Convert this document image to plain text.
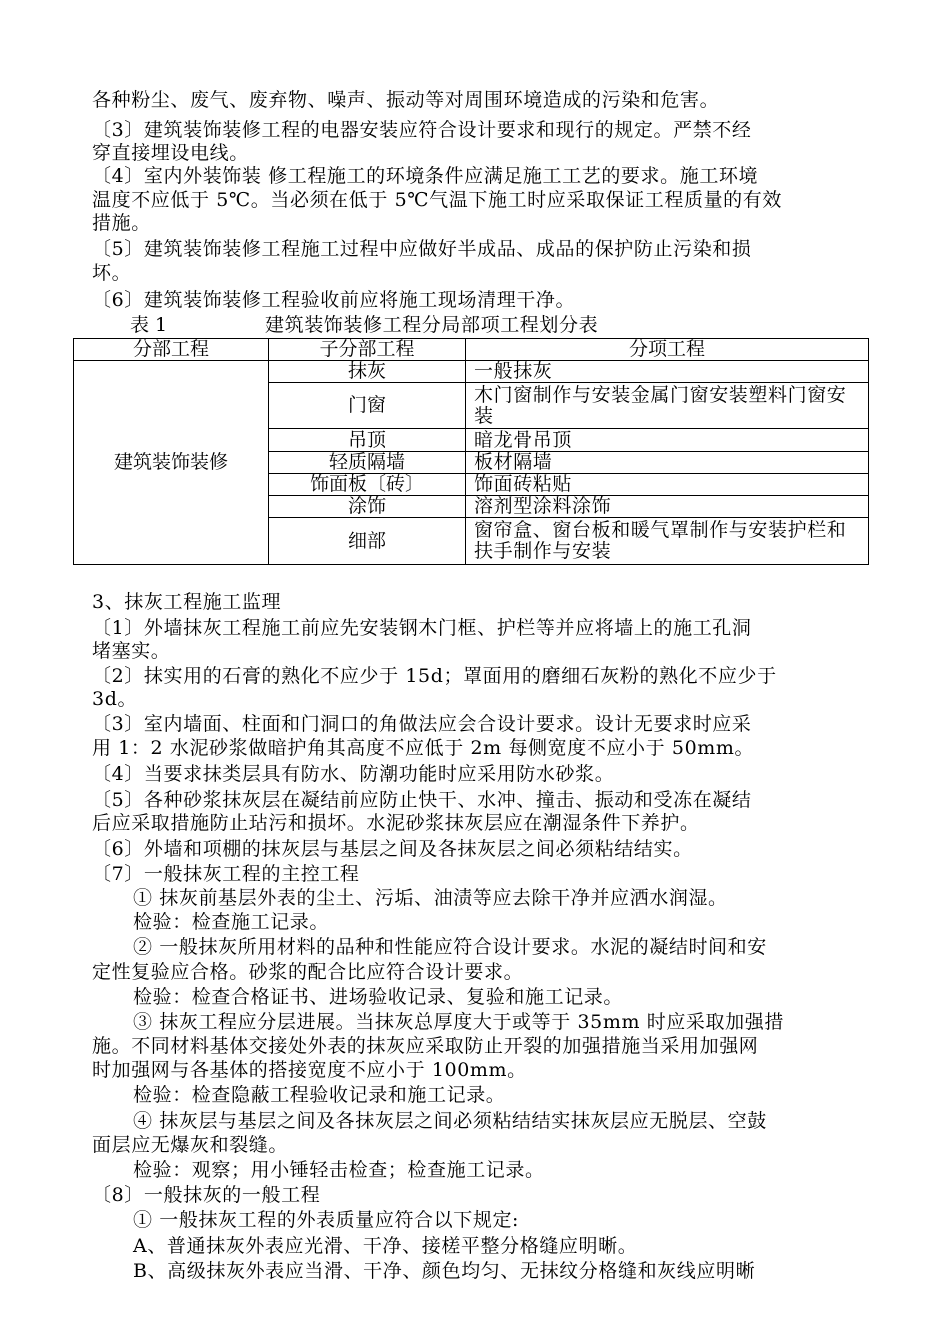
各种粉尘、废气、废弃物、噪声、振动等对周围环境造成的污染和危害。
〔3〕建筑装饰装修工程的电器安装应符合设计要求和现行的规定。严禁不经
穿直接埋设电线。
〔4〕室内外装饰装 修工程施工的环境条件应满足施工工艺的要求。施工环境
温度不应低于 5℃。当必须在低于 5℃气温下施工时应采取保证工程质量的有效
措施。
〔5〕建筑装饰装修工程施工过程中应做好半成品、成品的保护防止污染和损
坏。
〔6〕建筑装饰装修工程验收前应将施工现场清理干净。
表 1	建筑装饰装修工程分局部项工程划分表
分部工程	子分部工程	分项工程
建筑装饰装修	抹灰	一般抹灰
	门窗	木门窗制作与安装金属门窗安装塑料门窗安装
	吊顶	暗龙骨吊顶
	轻质隔墙	板材隔墙
	饰面板〔砖〕	饰面砖粘贴
	涂饰	溶剂型涂料涂饰
	细部	窗帘盒、窗台板和暖气罩制作与安装护栏和扶手制作与安装
3、抹灰工程施工监理
〔1〕外墙抹灰工程施工前应先安装钢木门框、护栏等并应将墙上的施工孔洞
堵塞实。
〔2〕抹实用的石膏的熟化不应少于 15d；罩面用的磨细石灰粉的熟化不应少于
3d。
〔3〕室内墙面、柱面和门洞口的角做法应会合设计要求。设计无要求时应采
用 1：2 水泥砂浆做暗护角其高度不应低于 2m 每侧宽度不应小于 50mm。
〔4〕当要求抹类层具有防水、防潮功能时应采用防水砂浆。
〔5〕各种砂浆抹灰层在凝结前应防止快干、水冲、撞击、振动和受冻在凝结
后应采取措施防止玷污和损坏。水泥砂浆抹灰层应在潮湿条件下养护。
〔6〕外墙和项棚的抹灰层与基层之间及各抹灰层之间必须粘结结实。
〔7〕一般抹灰工程的主控工程
① 抹灰前基层外表的尘土、污垢、油渍等应去除干净并应洒水润湿。
检验：检查施工记录。
② 一般抹灰所用材料的品种和性能应符合设计要求。水泥的凝结时间和安
定性复验应合格。砂浆的配合比应符合设计要求。
检验：检查合格证书、进场验收记录、复验和施工记录。
③ 抹灰工程应分层进展。当抹灰总厚度大于或等于 35mm 时应采取加强措
施。不同材料基体交接处外表的抹灰应采取防止开裂的加强措施当采用加强网
时加强网与各基体的搭接宽度不应小于 100mm。
检验：检查隐蔽工程验收记录和施工记录。
④ 抹灰层与基层之间及各抹灰层之间必须粘结结实抹灰层应无脱层、空鼓
面层应无爆灰和裂缝。
检验：观察；用小锤轻击检查；检查施工记录。
〔8〕一般抹灰的一般工程
① 一般抹灰工程的外表质量应符合以下规定:
A、普通抹灰外表应光滑、干净、接槎平整分格缝应明晰。
B、高级抹灰外表应当滑、干净、颜色均匀、无抹纹分格缝和灰线应明晰
